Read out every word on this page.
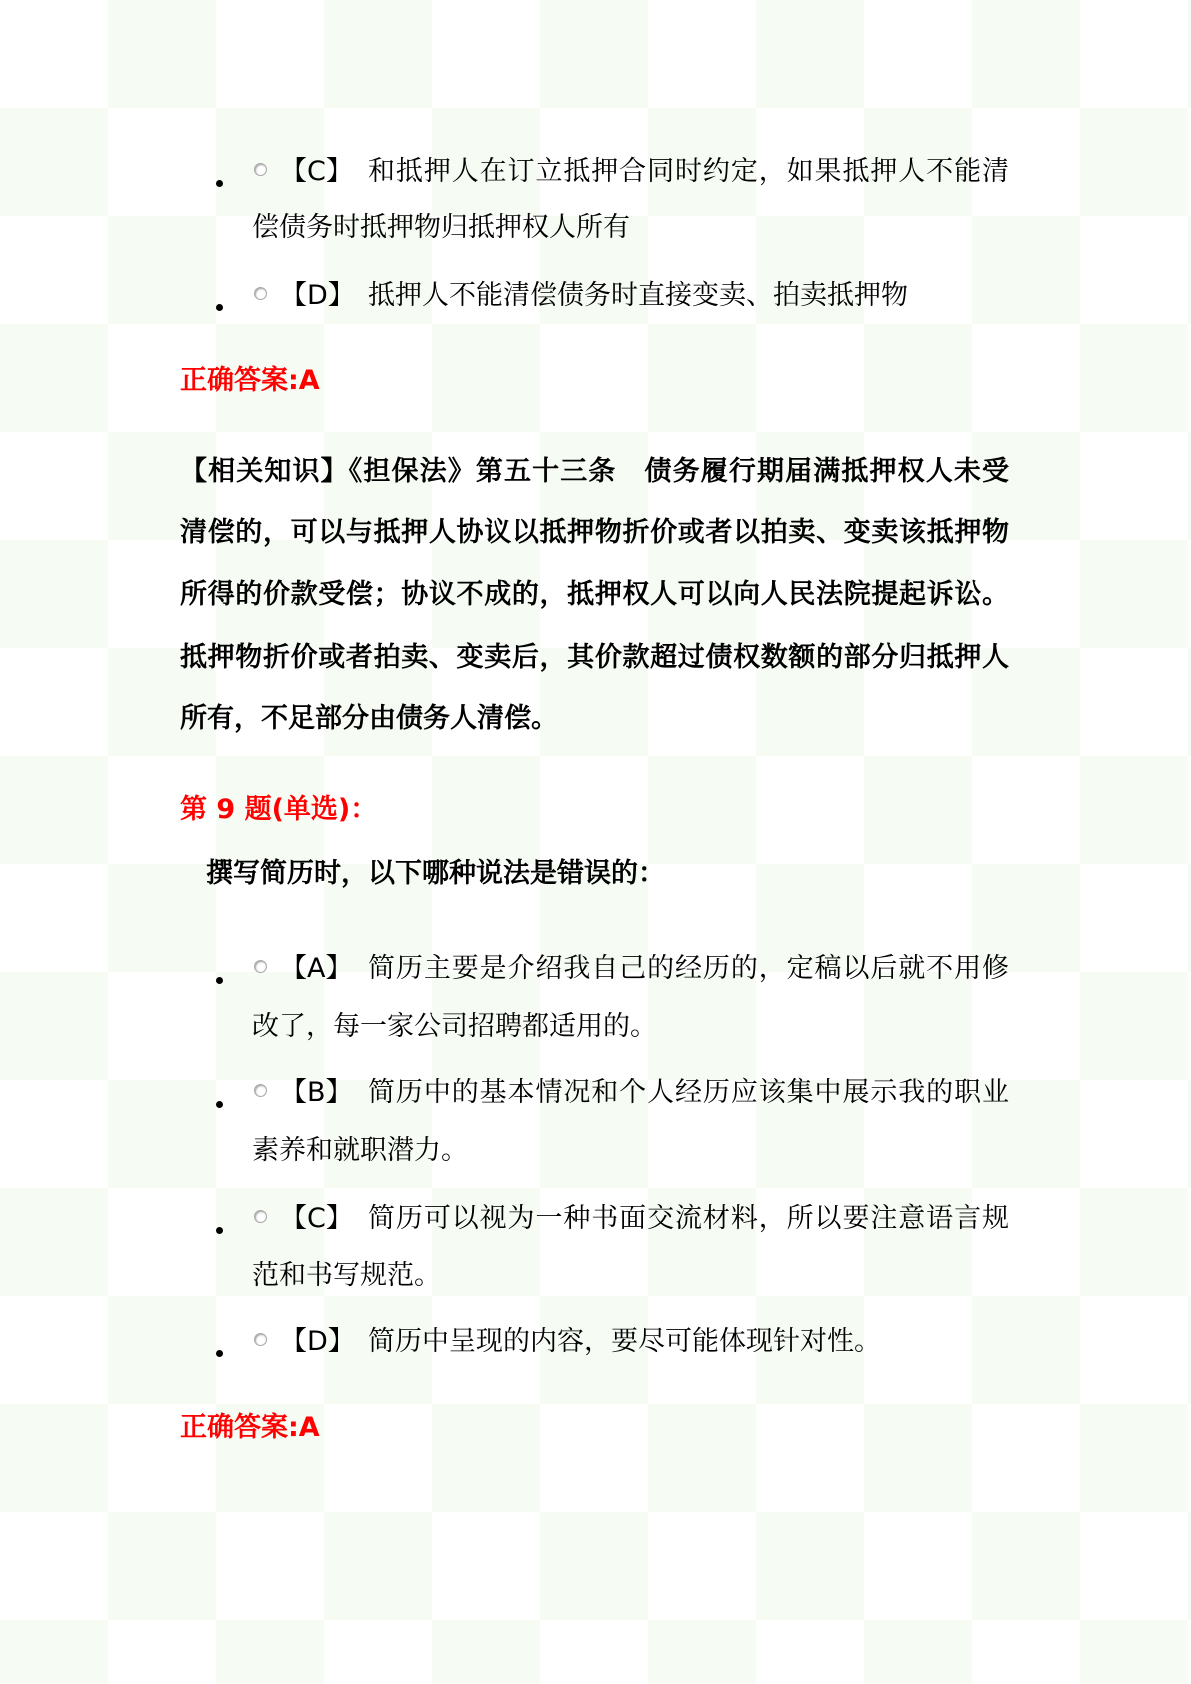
【C】 和抵押人在订立抵押合同时约定，如果抵押人不能清
偿债务时抵押物归抵押权人所有
【D】 抵押人不能清偿债务时直接变卖、拍卖抵押物
正确答案:A
【相关知识】《担保法》第五十三条　债务履行期届满抵押权人未受
清偿的，可以与抵押人协议以抵押物折价或者以拍卖、变卖该抵押物
所得的价款受偿；协议不成的，抵押权人可以向人民法院提起诉讼。
抵押物折价或者拍卖、变卖后，其价款超过债权数额的部分归抵押人
所有，不足部分由债务人清偿。
第 9 题(单选)：
撰写简历时，以下哪种说法是错误的：
【A】 简历主要是介绍我自己的经历的，定稿以后就不用修
改了，每一家公司招聘都适用的。
【B】 简历中的基本情况和个人经历应该集中展示我的职业
素养和就职潜力。
【C】 简历可以视为一种书面交流材料，所以要注意语言规
范和书写规范。
【D】 简历中呈现的内容，要尽可能体现针对性。
正确答案:A
